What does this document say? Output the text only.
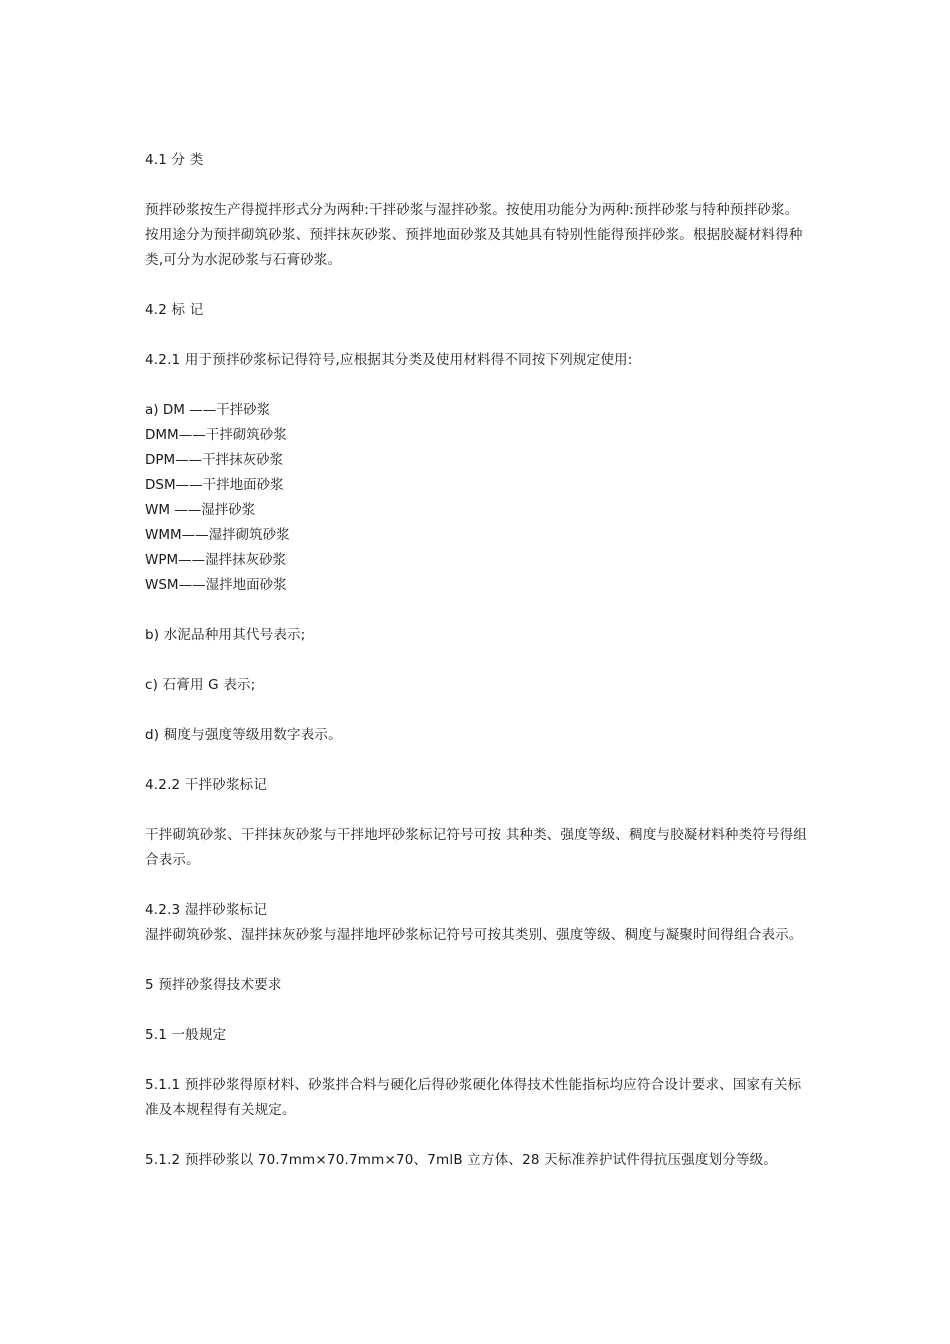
4.1 分 类

预拌砂浆按生产得搅拌形式分为两种:干拌砂浆与湿拌砂浆。按使用功能分为两种:预拌砂浆与特种预拌砂浆。按用途分为预拌砌筑砂浆、预拌抹灰砂浆、预拌地面砂浆及其她具有特别性能得预拌砂浆。根据胶凝材料得种类,可分为水泥砂浆与石膏砂浆。

4.2 标 记

4.2.1 用于预拌砂浆标记得符号,应根据其分类及使用材料得不同按下列规定使用:

a) DM ——干拌砂浆

DMM——干拌砌筑砂浆

DPM——干拌抹灰砂浆

DSM——干拌地面砂浆

WM ——湿拌砂浆

WMM——湿拌砌筑砂浆

WPM——湿拌抹灰砂浆

WSM——湿拌地面砂浆

b) 水泥品种用其代号表示;

c) 石膏用 G 表示;

d) 稠度与强度等级用数字表示。

4.2.2 干拌砂浆标记

干拌砌筑砂浆、干拌抹灰砂浆与干拌地坪砂浆标记符号可按 其种类、强度等级、稠度与胶凝材料种类符号得组合表示。

4.2.3 湿拌砂浆标记

湿拌砌筑砂浆、湿拌抹灰砂浆与湿拌地坪砂浆标记符号可按其类别、强度等级、稠度与凝聚时间得组合表示。

5 预拌砂浆得技术要求

5.1 一般规定

5.1.1 预拌砂浆得原材料、砂浆拌合料与硬化后得砂浆硬化体得技术性能指标均应符合设计要求、国家有关标准及本规程得有关规定。

5.1.2 预拌砂浆以 70.7mm×70.7mm×70、7mlB 立方体、28 天标准养护试件得抗压强度划分等级。
